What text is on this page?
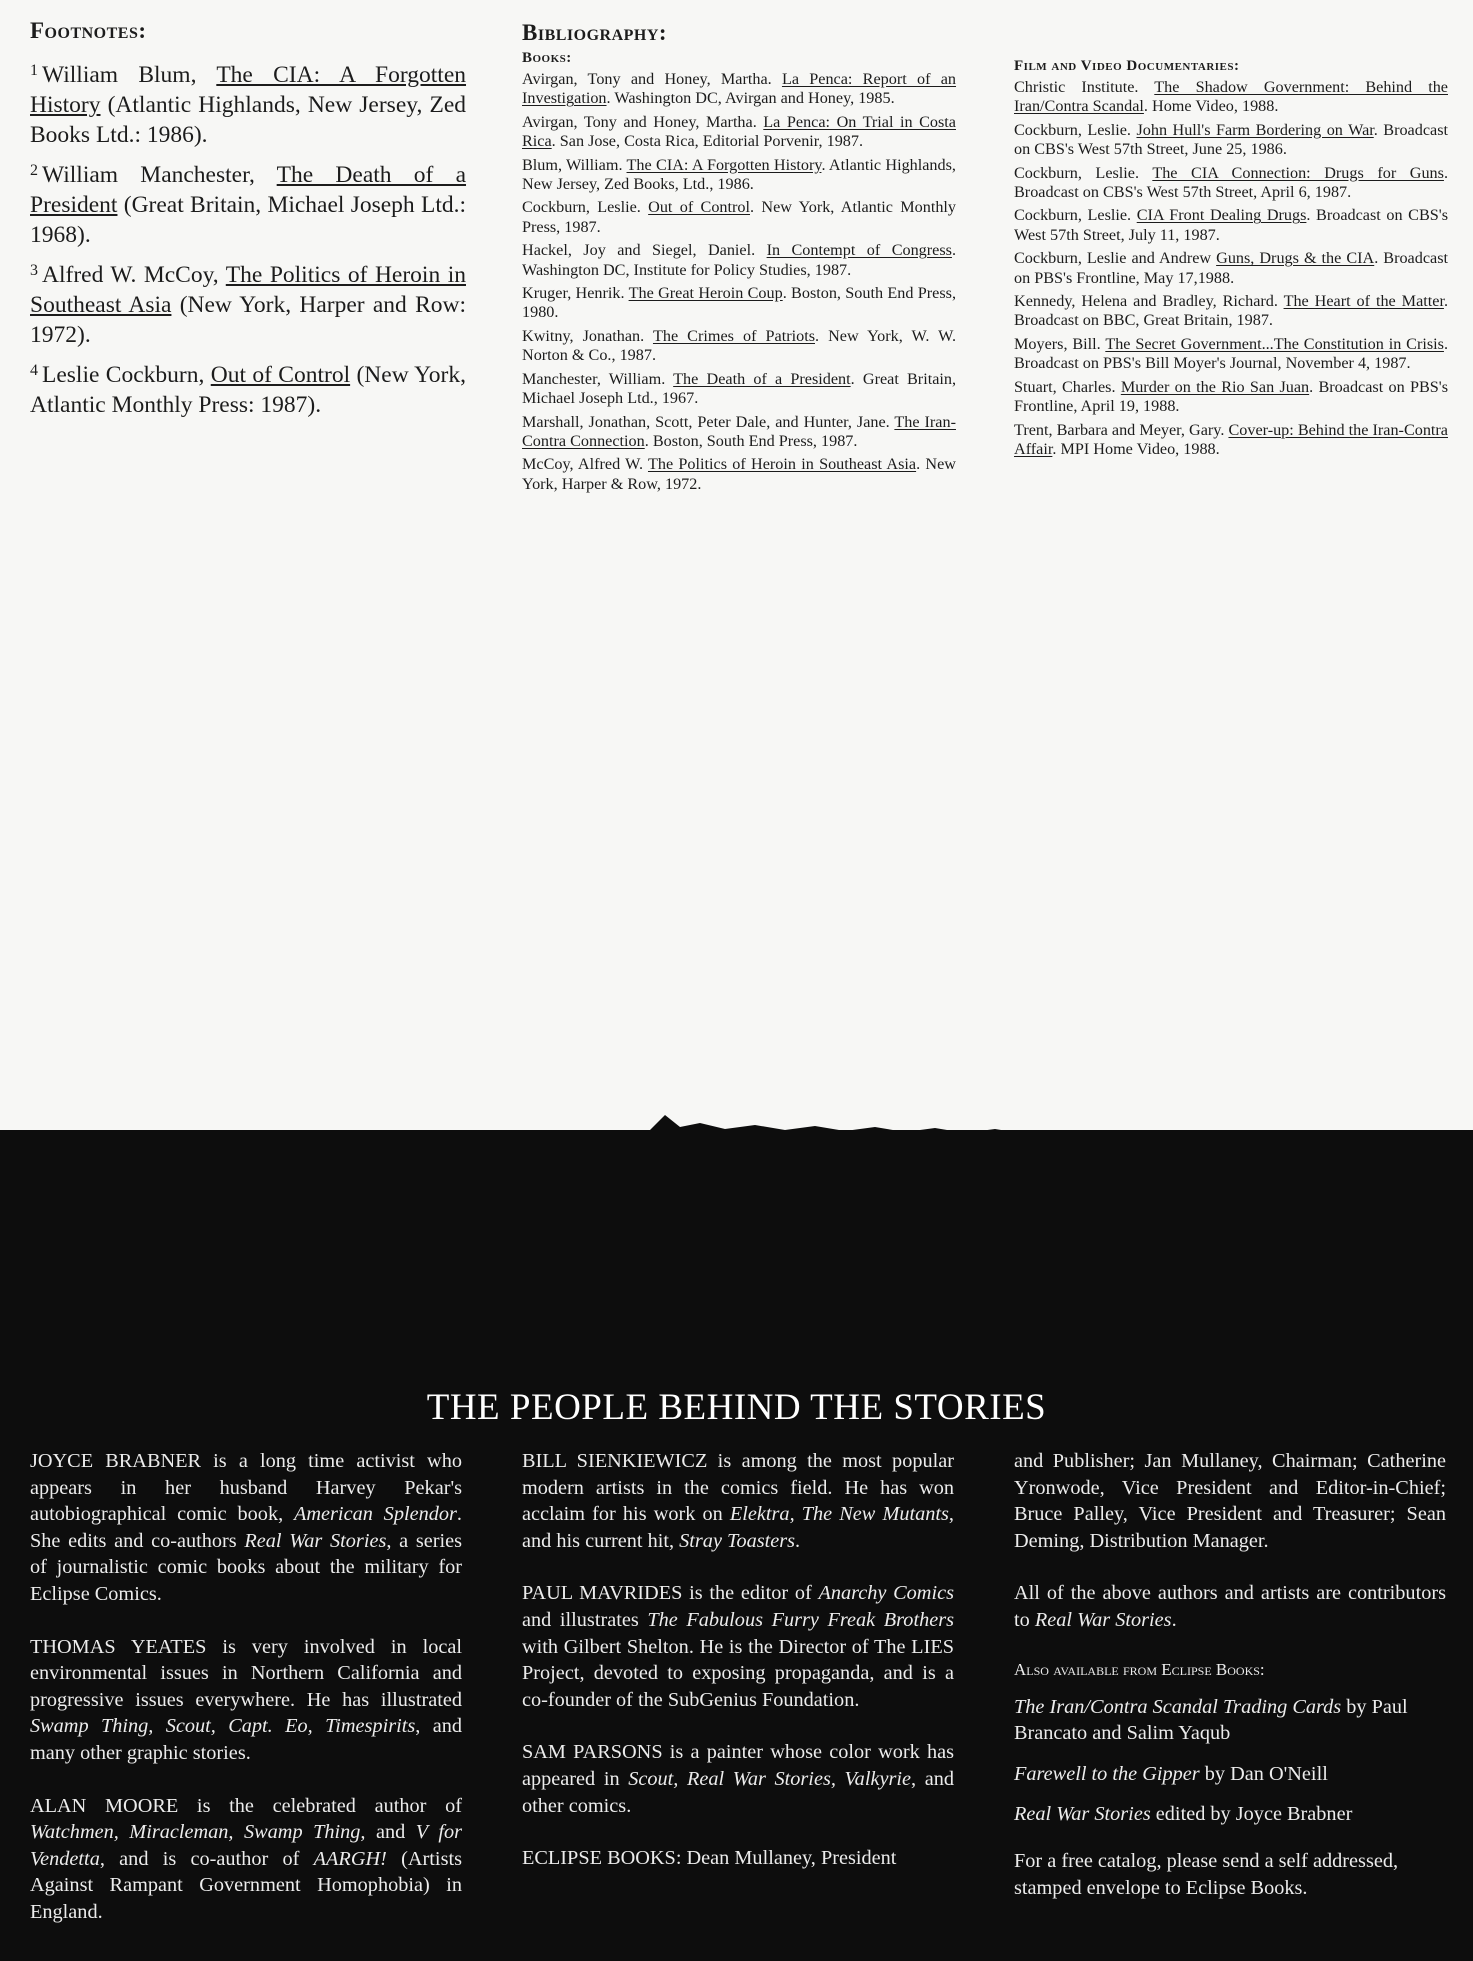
Footnotes:
$^1$ William Blum, The CIA: A Forgotten History (Atlantic Highlands, New Jersey, Zed Books Ltd.: 1986).
$^2$ William Manchester, The Death of a President (Great Britain, Michael Joseph Ltd.: 1968).
$^3$ Alfred W. McCoy, The Politics of Heroin in Southeast Asia (New York, Harper and Row: 1972).
$^4$ Leslie Cockburn, Out of Control (New York, Atlantic Monthly Press: 1987).
Bibliography:
Books:
Avirgan, Tony and Honey, Martha. La Penca: Report of an Investigation. Washington DC, Avirgan and Honey, 1985.
Avirgan, Tony and Honey, Martha. La Penca: On Trial in Costa Rica. San Jose, Costa Rica, Editorial Porvenir, 1987.
Blum, William. The CIA: A Forgotten History. Atlantic Highlands, New Jersey, Zed Books, Ltd., 1986.
Cockburn, Leslie. Out of Control. New York, Atlantic Monthly Press, 1987.
Hackel, Joy and Siegel, Daniel. In Contempt of Congress. Washington DC, Institute for Policy Studies, 1987.
Kruger, Henrik. The Great Heroin Coup. Boston, South End Press, 1980.
Kwitny, Jonathan. The Crimes of Patriots. New York, W. W. Norton & Co., 1987.
Manchester, William. The Death of a President. Great Britain, Michael Joseph Ltd., 1967.
Marshall, Jonathan, Scott, Peter Dale, and Hunter, Jane. The Iran-Contra Connection. Boston, South End Press, 1987.
McCoy, Alfred W. The Politics of Heroin in Southeast Asia. New York, Harper & Row, 1972.
Film and Video Documentaries:
Christic Institute. The Shadow Government: Behind the Iran/Contra Scandal. Home Video, 1988.
Cockburn, Leslie. John Hull's Farm Bordering on War. Broadcast on CBS's West 57th Street, June 25, 1986.
Cockburn, Leslie. The CIA Connection: Drugs for Guns. Broadcast on CBS's West 57th Street, April 6, 1987.
Cockburn, Leslie. CIA Front Dealing Drugs. Broadcast on CBS's West 57th Street, July 11, 1987.
Cockburn, Leslie and Andrew Guns, Drugs & the CIA. Broadcast on PBS's Frontline, May 17,1988.
Kennedy, Helena and Bradley, Richard. The Heart of the Matter. Broadcast on BBC, Great Britain, 1987.
Moyers, Bill. The Secret Government...The Constitution in Crisis. Broadcast on PBS's Bill Moyer's Journal, November 4, 1987.
Stuart, Charles. Murder on the Rio San Juan. Broadcast on PBS's Frontline, April 19, 1988.
Trent, Barbara and Meyer, Gary. Cover-up: Behind the Iran-Contra Affair. MPI Home Video, 1988.
THE PEOPLE BEHIND THE STORIES

JOYCE BRABNER is a long time activist who appears in her husband Harvey Pekar's autobiographical comic book, American Splendor. She edits and co-authors Real War Stories, a series of journalistic comic books about the military for Eclipse Comics.

THOMAS YEATES is very involved in local environmental issues in Northern California and progressive issues everywhere. He has illustrated Swamp Thing, Scout, Capt. Eo, Timespirits, and many other graphic stories.

ALAN MOORE is the celebrated author of Watchmen, Miracleman, Swamp Thing, and V for Vendetta, and is co-author of AARGH! (Artists Against Rampant Government Homophobia) in England.

BILL SIENKIEWICZ is among the most popular modern artists in the comics field. He has won acclaim for his work on Elektra, The New Mutants, and his current hit, Stray Toasters.

PAUL MAVRIDES is the editor of Anarchy Comics and illustrates The Fabulous Furry Freak Brothers with Gilbert Shelton. He is the Director of The LIES Project, devoted to exposing propaganda, and is a co-founder of the SubGenius Foundation.

SAM PARSONS is a painter whose color work has appeared in Scout, Real War Stories, Valkyrie, and other comics.

ECLIPSE BOOKS: Dean Mullaney, President

and Publisher; Jan Mullaney, Chairman; Catherine Yronwode, Vice President and Editor-in-Chief; Bruce Palley, Vice President and Treasurer; Sean Deming, Distribution Manager.

All of the above authors and artists are contributors to Real War Stories.

Also available from Eclipse Books:

The Iran/Contra Scandal Trading Cards by Paul Brancato and Salim Yaqub

Farewell to the Gipper by Dan O'Neill

Real War Stories edited by Joyce Brabner

For a free catalog, please send a self addressed, stamped envelope to Eclipse Books.
